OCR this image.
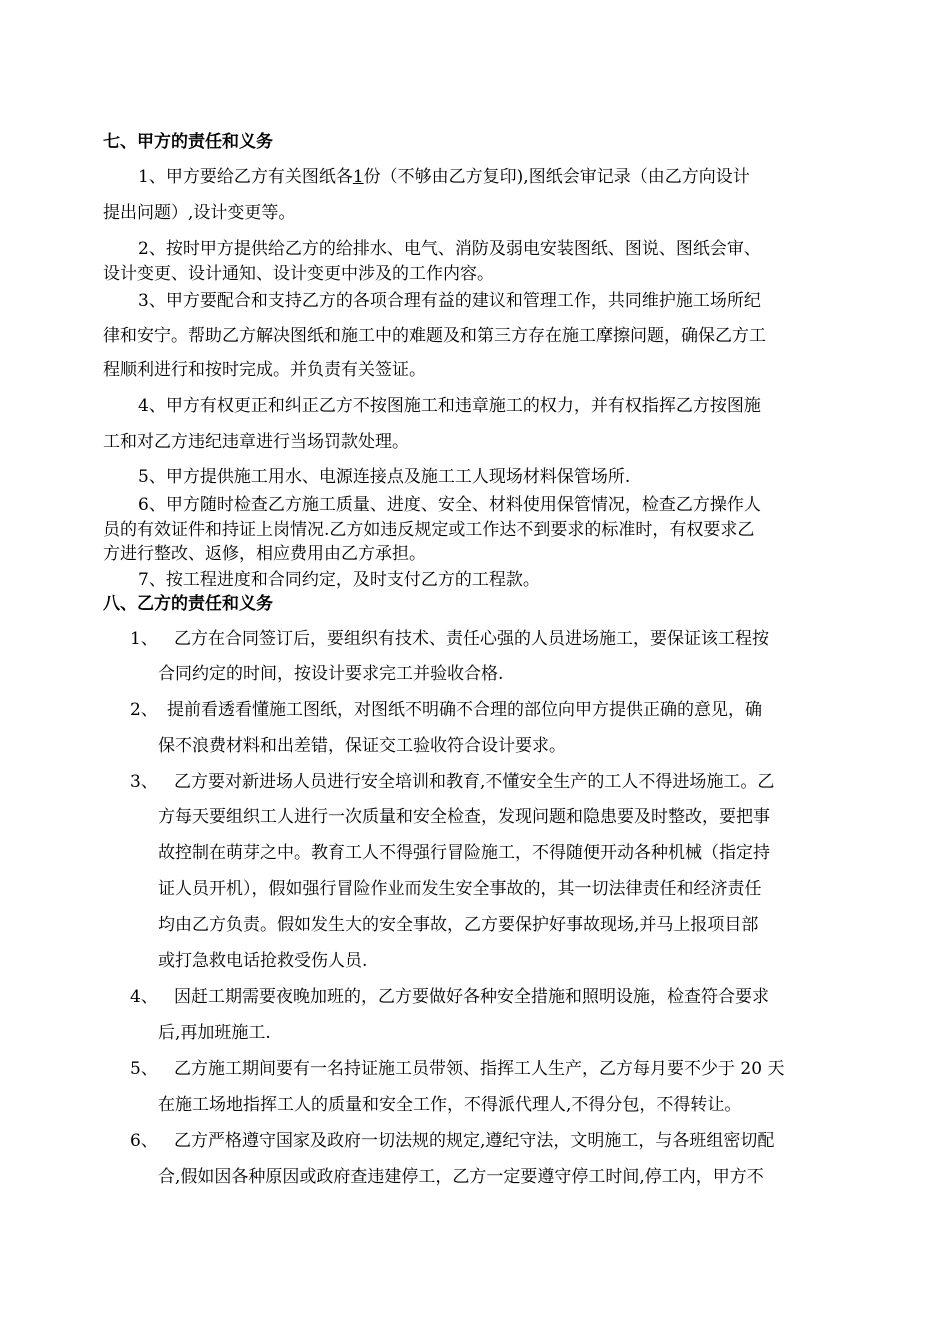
七、甲方的责任和义务
1、甲方要给乙方有关图纸各1份（不够由乙方复印),图纸会审记录（由乙方向设计
提出问题）,设计变更等。
2、按时甲方提供给乙方的给排水、电气、消防及弱电安装图纸、图说、图纸会审、
设计变更、设计通知、设计变更中涉及的工作内容。
3、甲方要配合和支持乙方的各项合理有益的建议和管理工作，共同维护施工场所纪
律和安宁。帮助乙方解决图纸和施工中的难题及和第三方存在施工摩擦问题，确保乙方工
程顺利进行和按时完成。并负责有关签证。
4、甲方有权更正和纠正乙方不按图施工和违章施工的权力，并有权指挥乙方按图施
工和对乙方违纪违章进行当场罚款处理。
5、甲方提供施工用水、电源连接点及施工工人现场材料保管场所.
6、甲方随时检查乙方施工质量、进度、安全、材料使用保管情况，检查乙方操作人
员的有效证件和持证上岗情况.乙方如违反规定或工作达不到要求的标准时，有权要求乙
方进行整改、返修，相应费用由乙方承担。
7、按工程进度和合同约定，及时支付乙方的工程款。
八、乙方的责任和义务
1、 乙方在合同签订后，要组织有技术、责任心强的人员进场施工，要保证该工程按
合同约定的时间，按设计要求完工并验收合格.
2、 提前看透看懂施工图纸，对图纸不明确不合理的部位向甲方提供正确的意见，确
保不浪费材料和出差错，保证交工验收符合设计要求。
3、 乙方要对新进场人员进行安全培训和教育,不懂安全生产的工人不得进场施工。乙
方每天要组织工人进行一次质量和安全检查，发现问题和隐患要及时整改，要把事
故控制在萌芽之中。教育工人不得强行冒险施工，不得随便开动各种机械（指定持
证人员开机），假如强行冒险作业而发生安全事故的，其一切法律责任和经济责任
均由乙方负责。假如发生大的安全事故，乙方要保护好事故现场,并马上报项目部
或打急救电话抢救受伤人员.
4、 因赶工期需要夜晚加班的，乙方要做好各种安全措施和照明设施，检查符合要求
后,再加班施工.
5、 乙方施工期间要有一名持证施工员带领、指挥工人生产，乙方每月要不少于 20 天
在施工场地指挥工人的质量和安全工作，不得派代理人,不得分包，不得转让。
6、 乙方严格遵守国家及政府一切法规的规定,遵纪守法，文明施工，与各班组密切配
合,假如因各种原因或政府查违建停工，乙方一定要遵守停工时间,停工内，甲方不
